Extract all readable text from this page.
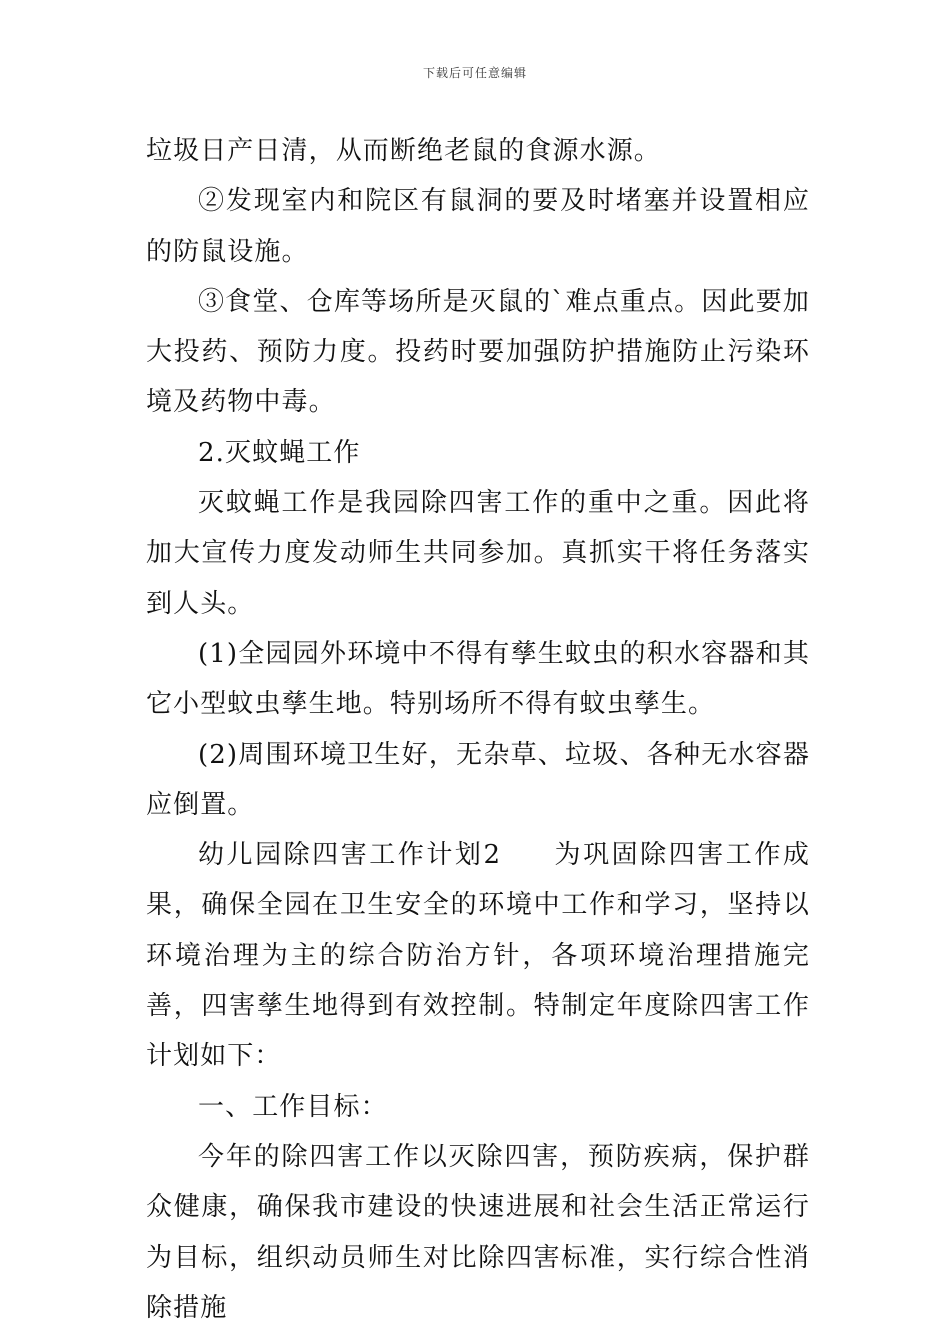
下载后可任意编辑

垃圾日产日清，从而断绝老鼠的食源水源。

②发现室内和院区有鼠洞的要及时堵塞并设置相应的防鼠设施。

③食堂、仓库等场所是灭鼠的`难点重点。因此要加大投药、预防力度。投药时要加强防护措施防止污染环境及药物中毒。

2.灭蚊蝇工作

灭蚊蝇工作是我园除四害工作的重中之重。因此将加大宣传力度发动师生共同参加。真抓实干将任务落实到人头。

(1)全园园外环境中不得有孳生蚊虫的积水容器和其它小型蚊虫孳生地。特别场所不得有蚊虫孳生。

(2)周围环境卫生好，无杂草、垃圾、各种无水容器应倒置。

幼儿园除四害工作计划2 为巩固除四害工作成果，确保全园在卫生安全的环境中工作和学习，坚持以环境治理为主的综合防治方针，各项环境治理措施完善，四害孳生地得到有效控制。特制定年度除四害工作计划如下：

一、工作目标：

今年的除四害工作以灭除四害，预防疾病，保护群众健康，确保我市建设的快速进展和社会生活正常运行为目标，组织动员师生对比除四害标准，实行综合性消除措施
